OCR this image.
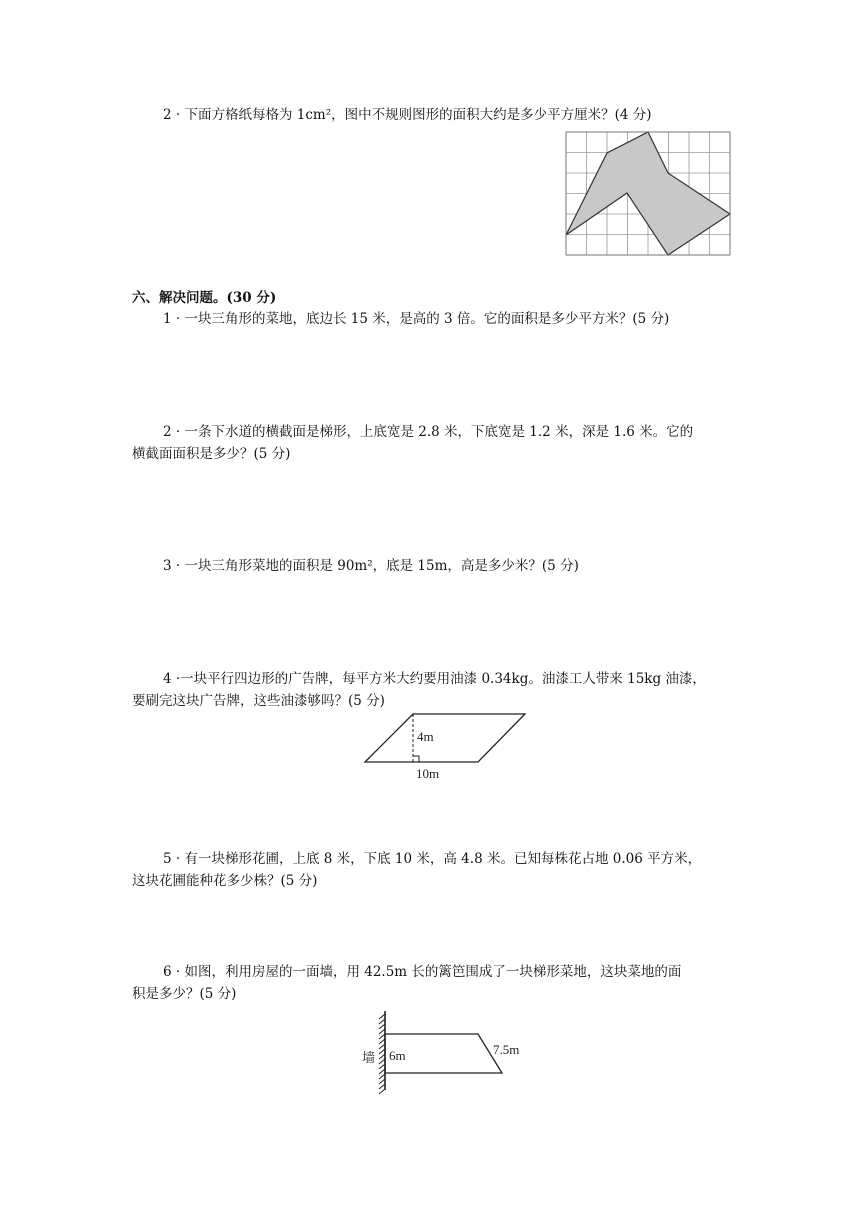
2 · 下面方格纸每格为 1cm²，图中不规则图形的面积大约是多少平方厘米？(4 分)
六、解决问题。(30 分)
1 · 一块三角形的菜地，底边长 15 米，是高的 3 倍。它的面积是多少平方米？(5 分)
2 · 一条下水道的横截面是梯形，上底宽是 2.8 米，下底宽是 1.2 米，深是 1.6 米。它的
横截面面积是多少？(5 分)
3 · 一块三角形菜地的面积是 90m²，底是 15m，高是多少米？(5 分)
4 ·一块平行四边形的广告牌，每平方米大约要用油漆 0.34kg。油漆工人带来 15kg 油漆，
要刷完这块广告牌，这些油漆够吗？(5 分)
4m
10m
5 · 有一块梯形花圃，上底 8 米，下底 10 米，高 4.8 米。已知每株花占地 0.06 平方米，
这块花圃能种花多少株？(5 分)
6 · 如图，利用房屋的一面墙，用 42.5m 长的篱笆围成了一块梯形菜地，这块菜地的面
积是多少？(5 分)
墙 6m	7.5m
